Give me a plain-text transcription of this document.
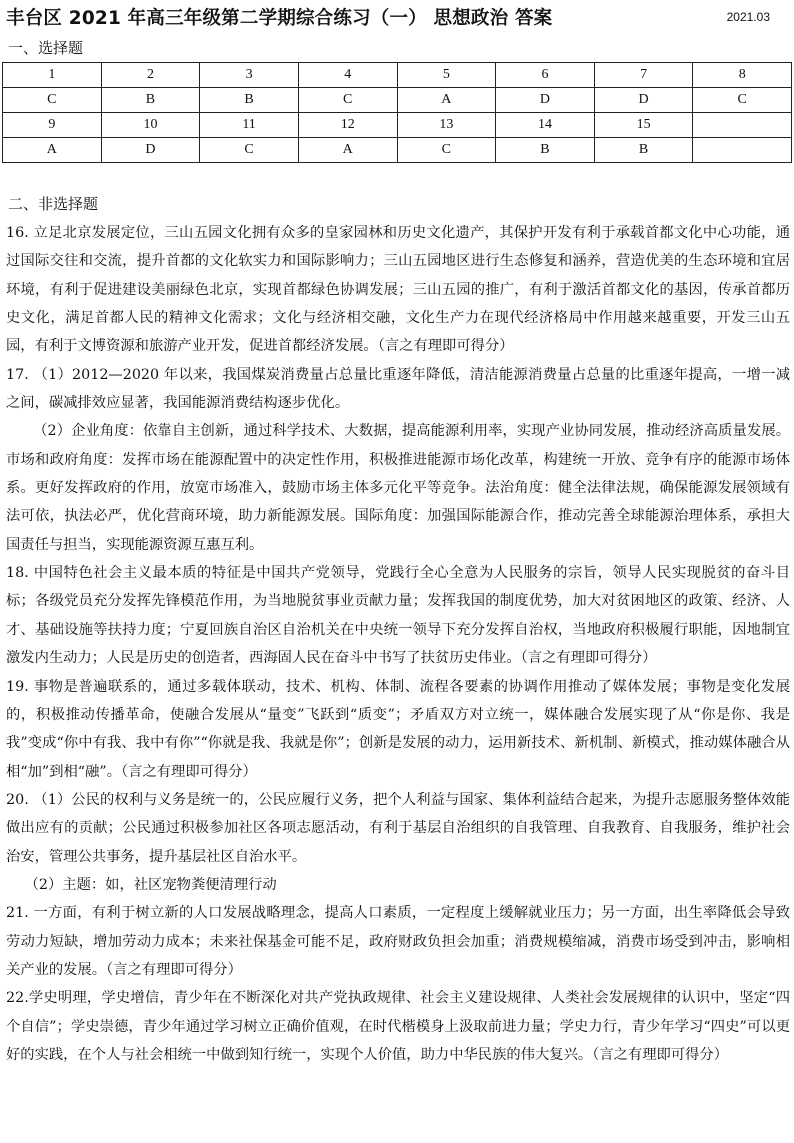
丰台区 2021 年高三年级第二学期综合练习（一） 思想政治 答案	2021.03
一、选择题
1	2	3	4	5	6	7	8
C	B	B	C	A	D	D	C
9	10	11	12	13	14	15	
A	D	C	A	C	B	B	
二、非选择题

16. 立足北京发展定位，三山五园文化拥有众多的皇家园林和历史文化遗产，其保护开发有利于承载首都文化中心功能，通过国际交往和交流，提升首都的文化软实力和国际影响力；三山五园地区进行生态修复和涵养，营造优美的生态环境和宜居环境，有利于促进建设美丽绿色北京，实现首都绿色协调发展；三山五园的推广，有利于激活首都文化的基因，传承首都历史文化，满足首都人民的精神文化需求；文化与经济相交融，文化生产力在现代经济格局中作用越来越重要，开发三山五园，有利于文博资源和旅游产业开发，促进首都经济发展。（言之有理即可得分）

17. （1）2012—2020 年以来，我国煤炭消费量占总量比重逐年降低，清洁能源消费量占总量的比重逐年提高，一增一减之间，碳减排效应显著，我国能源消费结构逐步优化。

（2）企业角度：依靠自主创新，通过科学技术、大数据，提高能源利用率，实现产业协同发展，推动经济高质量发展。市场和政府角度：发挥市场在能源配置中的决定性作用，积极推进能源市场化改革，构建统一开放、竞争有序的能源市场体系。更好发挥政府的作用，放宽市场准入，鼓励市场主体多元化平等竞争。法治角度：健全法律法规，确保能源发展领域有法可依，执法必严，优化营商环境，助力新能源发展。国际角度：加强国际能源合作，推动完善全球能源治理体系，承担大国责任与担当，实现能源资源互惠互利。

18. 中国特色社会主义最本质的特征是中国共产党领导，党践行全心全意为人民服务的宗旨，领导人民实现脱贫的奋斗目标；各级党员充分发挥先锋模范作用，为当地脱贫事业贡献力量；发挥我国的制度优势，加大对贫困地区的政策、经济、人才、基础设施等扶持力度；宁夏回族自治区自治机关在中央统一领导下充分发挥自治权，当地政府积极履行职能，因地制宜激发内生动力；人民是历史的创造者，西海固人民在奋斗中书写了扶贫历史伟业。（言之有理即可得分）

19. 事物是普遍联系的，通过多载体联动，技术、机构、体制、流程各要素的协调作用推动了媒体发展；事物是变化发展的，积极推动传播革命，使融合发展从“量变”飞跃到“质变”；矛盾双方对立统一，媒体融合发展实现了从“你是你、我是我”变成“你中有我、我中有你”“你就是我、我就是你”；创新是发展的动力，运用新技术、新机制、新模式，推动媒体融合从相“加”到相“融”。（言之有理即可得分）

20. （1）公民的权利与义务是统一的，公民应履行义务，把个人利益与国家、集体利益结合起来，为提升志愿服务整体效能做出应有的贡献；公民通过积极参加社区各项志愿活动，有利于基层自治组织的自我管理、自我教育、自我服务，维护社会治安，管理公共事务，提升基层社区自治水平。

（2）主题：如，社区宠物粪便清理行动

21. 一方面，有利于树立新的人口发展战略理念，提高人口素质，一定程度上缓解就业压力；另一方面，出生率降低会导致劳动力短缺，增加劳动力成本；未来社保基金可能不足，政府财政负担会加重；消费规模缩减，消费市场受到冲击，影响相关产业的发展。（言之有理即可得分）

22.学史明理，学史增信，青少年在不断深化对共产党执政规律、社会主义建设规律、人类社会发展规律的认识中，坚定“四个自信”；学史崇德，青少年通过学习树立正确价值观，在时代楷模身上汲取前进力量；学史力行，青少年学习“四史”可以更好的实践，在个人与社会相统一中做到知行统一，实现个人价值，助力中华民族的伟大复兴。（言之有理即可得分）
